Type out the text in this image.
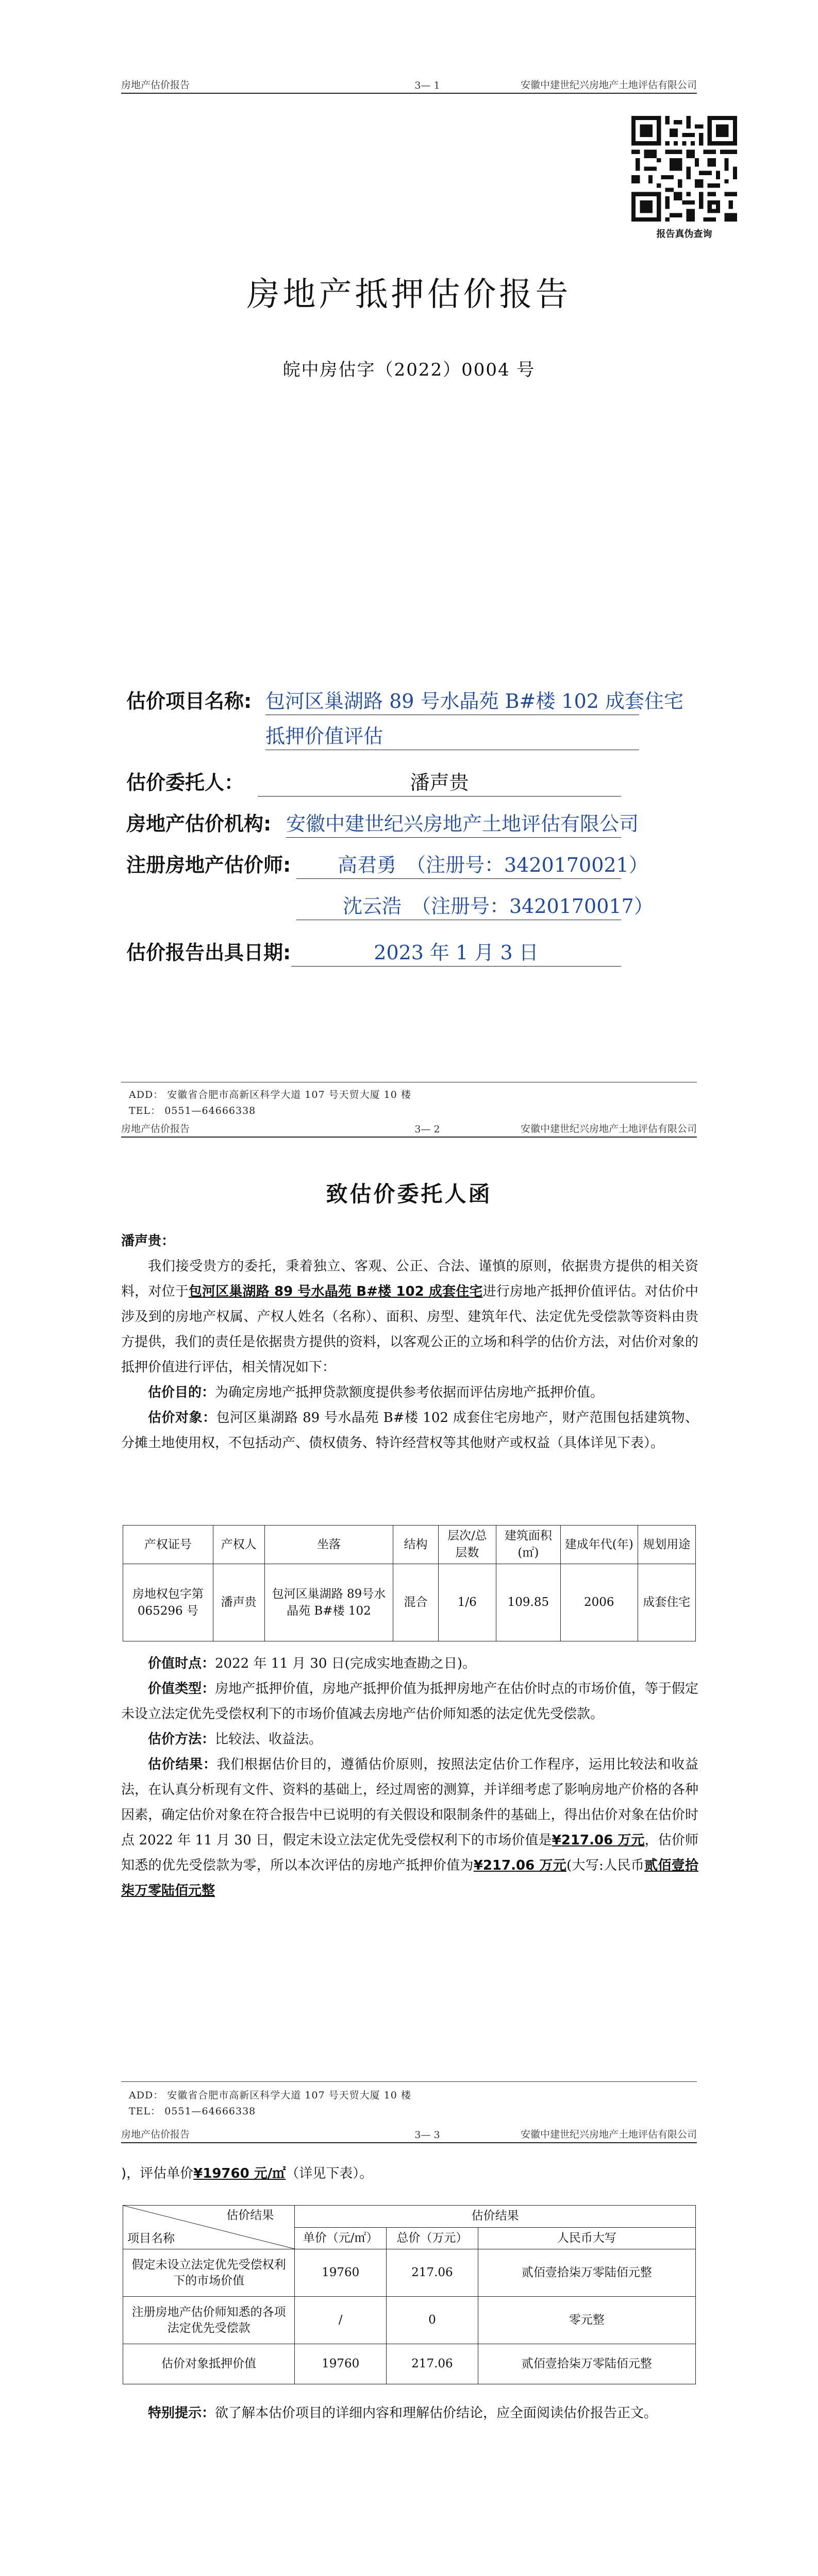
房地产估价报告	3— 1	安徽中建世纪兴房地产土地评估有限公司
报告真伪查询
房地产抵押估价报告
皖中房估字（2022）0004 号
估价项目名称: 包河区巢湖路 89 号水晶苑 B#楼 102 成套住宅
抵押价值评估
估价委托人：	潘声贵
房地产估价机构: 安徽中建世纪兴房地产土地评估有限公司
注册房地产估价师:	高君勇　（注册号：3420170021）
沈云浩　（注册号：3420170017）
估价报告出具日期:	2023 年 1 月 3 日
ADD： 安徽省合肥市高新区科学大道 107 号天贸大厦 10 楼
TEL： 0551—64666338
房地产估价报告	3— 2	安徽中建世纪兴房地产土地评估有限公司
致估价委托人函

潘声贵：

我们接受贵方的委托，秉着独立、客观、公正、合法、谨慎的原则，依据贵方提供的相关资料，对位于包河区巢湖路 89 号水晶苑 B#楼 102 成套住宅进行房地产抵押价值评估。对估价中涉及到的房地产权属、产权人姓名（名称）、面积、房型、建筑年代、法定优先受偿款等资料由贵方提供，我们的责任是依据贵方提供的资料，以客观公正的立场和科学的估价方法，对估价对象的抵押价值进行评估，相关情况如下：

估价目的：为确定房地产抵押贷款额度提供参考依据而评估房地产抵押价值。

估价对象：包河区巢湖路 89 号水晶苑 B#楼 102 成套住宅房地产，财产范围包括建筑物、分摊土地使用权，不包括动产、债权债务、特许经营权等其他财产或权益（具体详见下表）。

产权证号	产权人	坐落	结构	层次/总层数	建筑面积(㎡)	建成年代(年)	规划用途
房地权包字第065296 号	潘声贵	包河区巢湖路 89号水晶苑 B#楼 102	混合	1/6	109.85	2006	成套住宅

价值时点：2022 年 11 月 30 日(完成实地查勘之日)。

价值类型：房地产抵押价值，房地产抵押价值为抵押房地产在估价时点的市场价值，等于假定未设立法定优先受偿权利下的市场价值减去房地产估价师知悉的法定优先受偿款。

估价方法：比较法、收益法。

估价结果：我们根据估价目的，遵循估价原则，按照法定估价工作程序，运用比较法和收益法，在认真分析现有文件、资料的基础上，经过周密的测算，并详细考虑了影响房地产价格的各种因素，确定估价对象在符合报告中已说明的有关假设和限制条件的基础上，得出估价对象在估价时点 2022 年 11 月 30 日，假定未设立法定优先受偿权利下的市场价值是¥217.06 万元，估价师知悉的优先受偿款为零，所以本次评估的房地产抵押价值为¥217.06 万元(大写:人民币贰佰壹拾柒万零陆佰元整

ADD： 安徽省合肥市高新区科学大道 107 号天贸大厦 10 楼
TEL： 0551—64666338
房地产估价报告	3— 3	安徽中建世纪兴房地产土地评估有限公司
)，评估单价¥19760 元/㎡（详见下表）。
估价结果
项目名称	估价结果		
	单价（元/㎡）	总价（万元）	人民币大写
假定未设立法定优先受偿权利下的市场价值	19760	217.06	贰佰壹拾柒万零陆佰元整
注册房地产估价师知悉的各项法定优先受偿款	/	0	零元整
估价对象抵押价值	19760	217.06	贰佰壹拾柒万零陆佰元整

特别提示：欲了解本估价项目的详细内容和理解估价结论，应全面阅读估价报告正文。
